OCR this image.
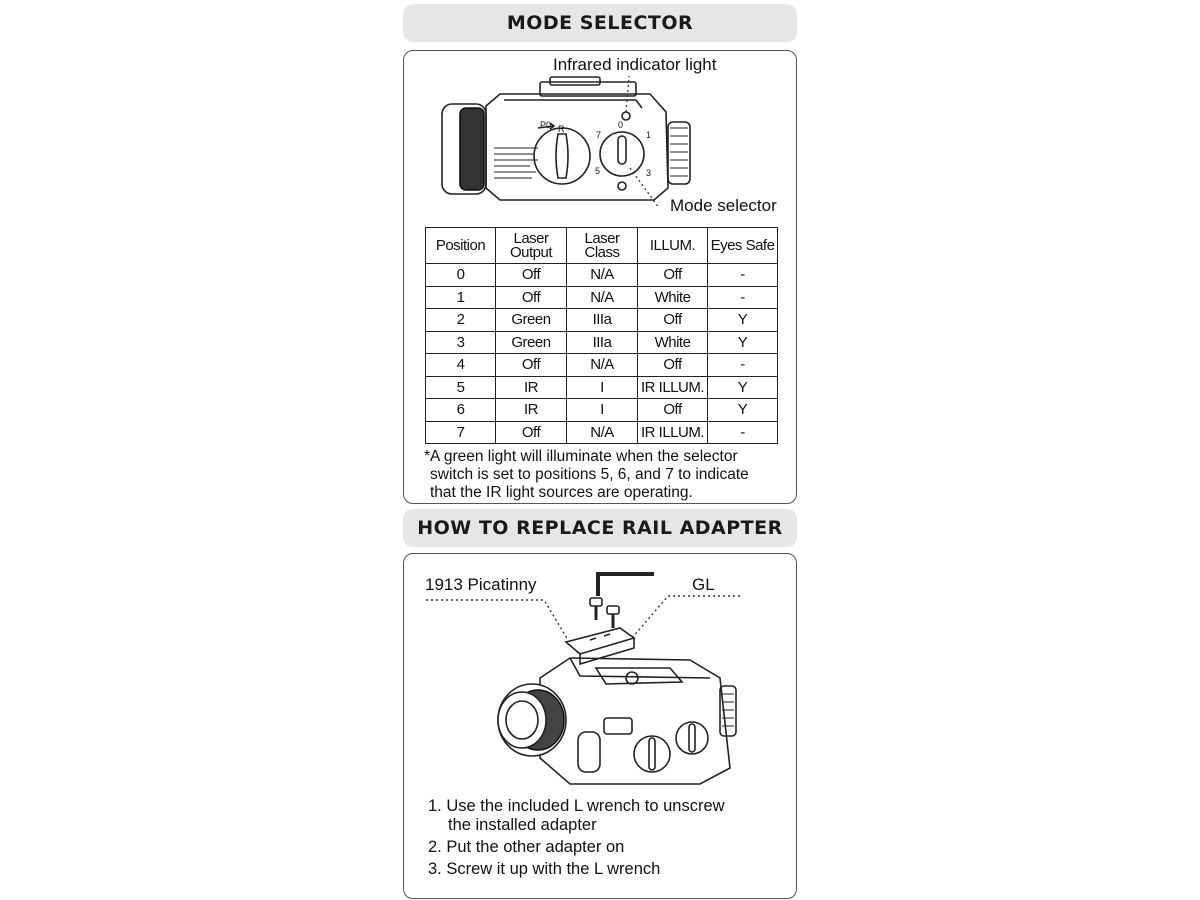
MODE SELECTOR
Infrared indicator light
Mode selector
P0 R	0
1
3
5
7
Position	Laser Output	Laser Class	ILLUM.	Eyes Safe
0	Off	N/A	Off	-
1	Off	N/A	White	-
2	Green	IIIa	Off	Y
3	Green	IIIa	White	Y
4	Off	N/A	Off	-
5	IR	I	IR ILLUM.	Y
6	IR	I	Off	Y
7	Off	N/A	IR ILLUM.	-
*A green light will illuminate when the selector
switch is set to positions 5, 6, and 7 to indicate
that the IR light sources are operating.
HOW TO REPLACE RAIL ADAPTER
1913 Picatinny	GL
1. Use the included L wrench to unscrew
the installed adapter
2. Put the other adapter on
3. Screw it up with the L wrench
